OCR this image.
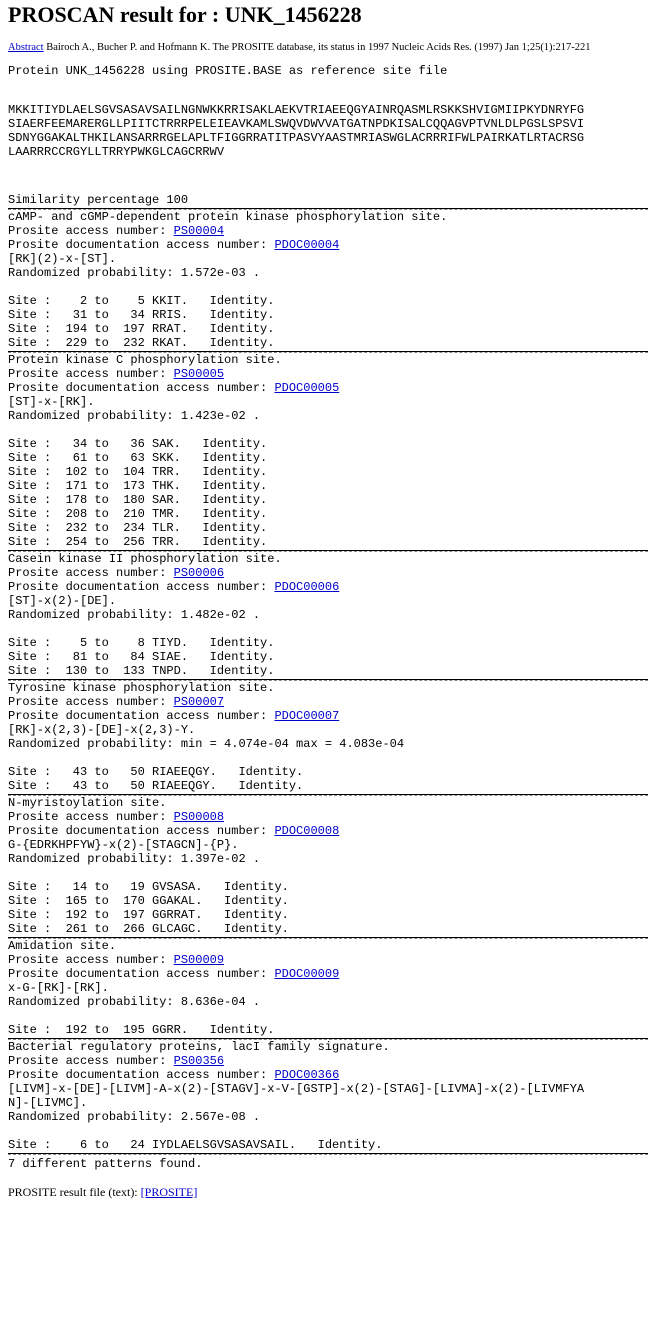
PROSCAN result for : UNK_1456228
Abstract Bairoch A., Bucher P. and Hofmann K. The PROSITE database, its status in 1997 Nucleic Acids Res. (1997) Jan 1;25(1):217-221
Protein UNK_1456228 using PROSITE.BASE as reference site file
MKKITIYDLAELSGVSASAVSAILNGNWKKRRISAKLAEKVTRIAEEQGYAINRQASMLRSKKSHVIGMIIPKYDNRYFG
SIAERFEEMARERGLLPIITCTRRRPELEIEAVKAMLSWQVDWVVATGATNPDKISALCQQAGVPTVNLDLPGSLSPSVI
SDNYGGAKALTHKILANSARRRGELAPLTFIGGRRATITPASVYAASTMRIASWGLACRRRIFWLPAIRKATLRTACRSG
LAARRRCCRGYLLTRRYPWKGLCAGCRRWV
Similarity percentage 100
cAMP- and cGMP-dependent protein kinase phosphorylation site.
Prosite access number: PS00004
Prosite documentation access number: PDOC00004
[RK](2)-x-[ST].
Randomized probability: 1.572e-03 .
Site :    2 to    5 KKIT.   Identity.
Site :   31 to   34 RRIS.   Identity.
Site :  194 to  197 RRAT.   Identity.
Site :  229 to  232 RKAT.   Identity.
Protein kinase C phosphorylation site.
Prosite access number: PS00005
Prosite documentation access number: PDOC00005
[ST]-x-[RK].
Randomized probability: 1.423e-02 .
Site :   34 to   36 SAK.   Identity.
Site :   61 to   63 SKK.   Identity.
Site :  102 to  104 TRR.   Identity.
Site :  171 to  173 THK.   Identity.
Site :  178 to  180 SAR.   Identity.
Site :  208 to  210 TMR.   Identity.
Site :  232 to  234 TLR.   Identity.
Site :  254 to  256 TRR.   Identity.
Casein kinase II phosphorylation site.
Prosite access number: PS00006
Prosite documentation access number: PDOC00006
[ST]-x(2)-[DE].
Randomized probability: 1.482e-02 .
Site :    5 to    8 TIYD.   Identity.
Site :   81 to   84 SIAE.   Identity.
Site :  130 to  133 TNPD.   Identity.
Tyrosine kinase phosphorylation site.
Prosite access number: PS00007
Prosite documentation access number: PDOC00007
[RK]-x(2,3)-[DE]-x(2,3)-Y.
Randomized probability: min = 4.074e-04 max = 4.083e-04
Site :   43 to   50 RIAEEQGY.   Identity.
Site :   43 to   50 RIAEEQGY.   Identity.
N-myristoylation site.
Prosite access number: PS00008
Prosite documentation access number: PDOC00008
G-{EDRKHPFYW}-x(2)-[STAGCN]-{P}.
Randomized probability: 1.397e-02 .
Site :   14 to   19 GVSASA.   Identity.
Site :  165 to  170 GGAKAL.   Identity.
Site :  192 to  197 GGRRAT.   Identity.
Site :  261 to  266 GLCAGC.   Identity.
Amidation site.
Prosite access number: PS00009
Prosite documentation access number: PDOC00009
x-G-[RK]-[RK].
Randomized probability: 8.636e-04 .
Site :  192 to  195 GGRR.   Identity.
Bacterial regulatory proteins, lacI family signature.
Prosite access number: PS00356
Prosite documentation access number: PDOC00366
[LIVM]-x-[DE]-[LIVM]-A-x(2)-[STAGV]-x-V-[GSTP]-x(2)-[STAG]-[LIVMA]-x(2)-[LIVMFYA
N]-[LIVMC].
Randomized probability: 2.567e-08 .
Site :    6 to   24 IYDLAELSGVSASAVSAIL.   Identity.
7 different patterns found.
PROSITE result file (text): [PROSITE]
